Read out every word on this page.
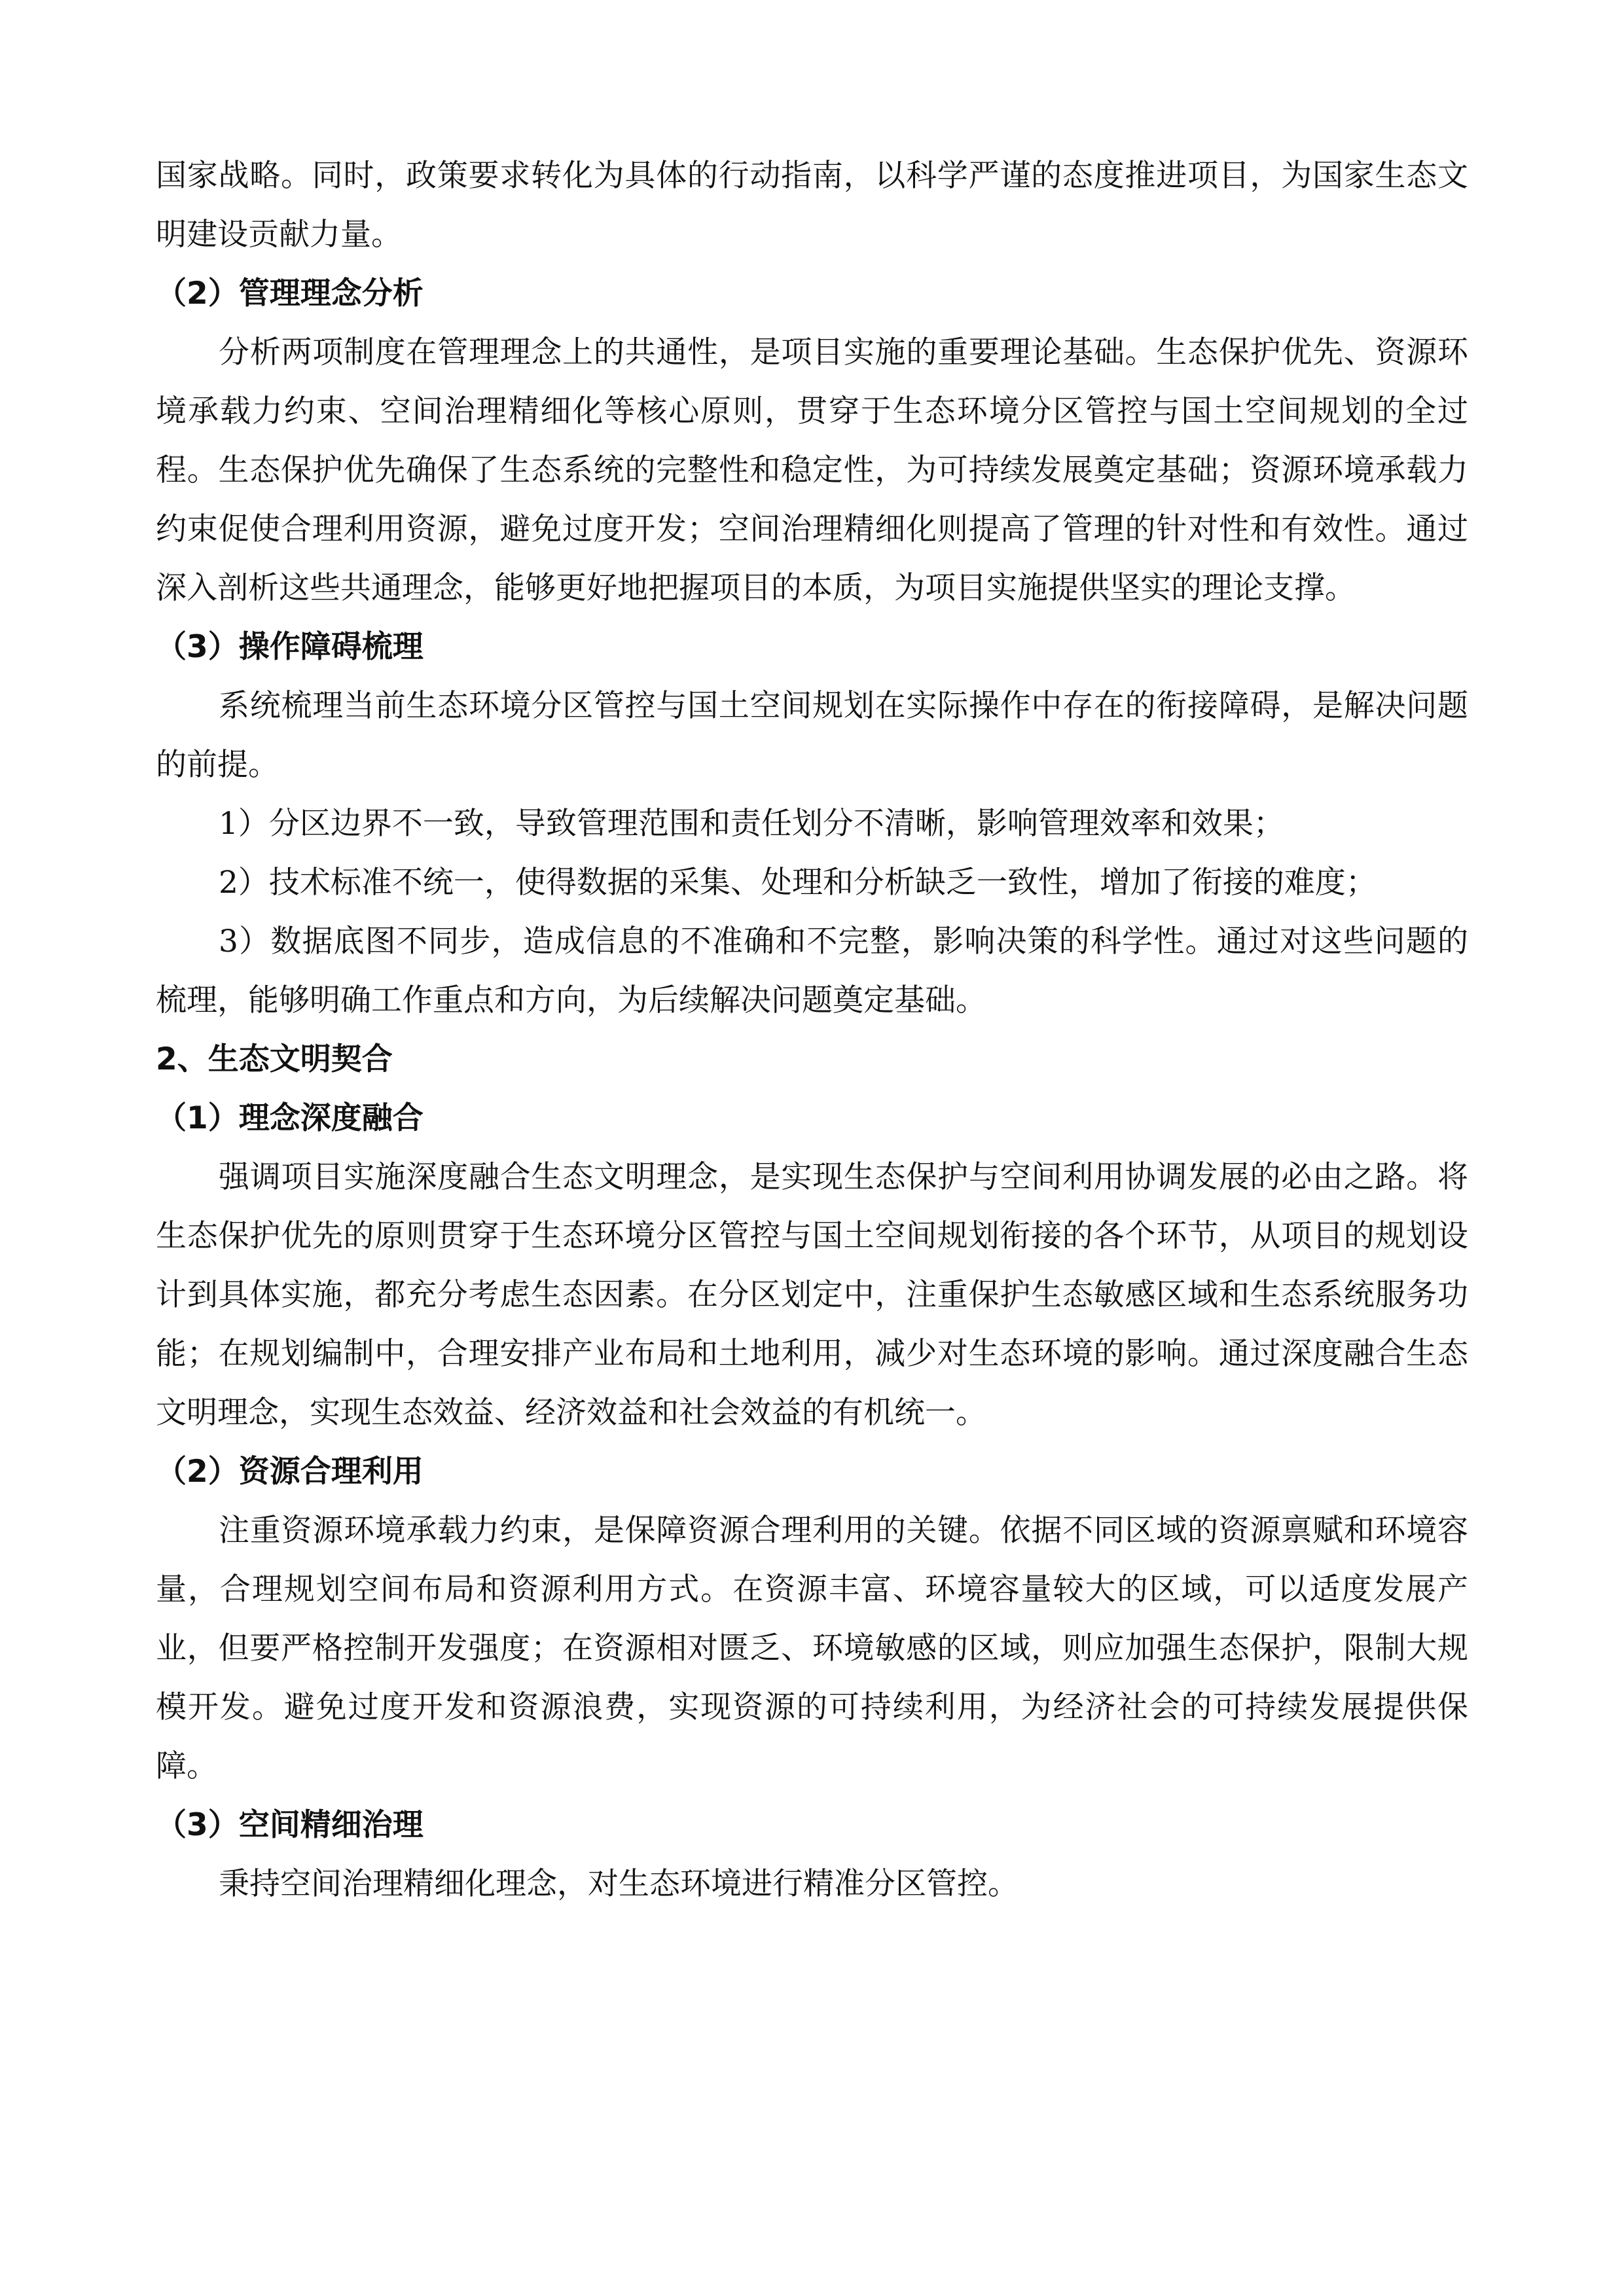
国家战略。同时，政策要求转化为具体的行动指南，以科学严谨的态度推进项目，为国家生态文明建设贡献力量。

（2）管理理念分析

分析两项制度在管理理念上的共通性，是项目实施的重要理论基础。生态保护优先、资源环境承载力约束、空间治理精细化等核心原则，贯穿于生态环境分区管控与国土空间规划的全过程。生态保护优先确保了生态系统的完整性和稳定性，为可持续发展奠定基础；资源环境承载力约束促使合理利用资源，避免过度开发；空间治理精细化则提高了管理的针对性和有效性。通过深入剖析这些共通理念，能够更好地把握项目的本质，为项目实施提供坚实的理论支撑。

（3）操作障碍梳理

系统梳理当前生态环境分区管控与国土空间规划在实际操作中存在的衔接障碍，是解决问题的前提。

1）分区边界不一致，导致管理范围和责任划分不清晰，影响管理效率和效果；

2）技术标准不统一，使得数据的采集、处理和分析缺乏一致性，增加了衔接的难度；

3）数据底图不同步，造成信息的不准确和不完整，影响决策的科学性。通过对这些问题的梳理，能够明确工作重点和方向，为后续解决问题奠定基础。

2、生态文明契合

（1）理念深度融合

强调项目实施深度融合生态文明理念，是实现生态保护与空间利用协调发展的必由之路。将生态保护优先的原则贯穿于生态环境分区管控与国土空间规划衔接的各个环节，从项目的规划设计到具体实施，都充分考虑生态因素。在分区划定中，注重保护生态敏感区域和生态系统服务功能；在规划编制中，合理安排产业布局和土地利用，减少对生态环境的影响。通过深度融合生态文明理念，实现生态效益、经济效益和社会效益的有机统一。

（2）资源合理利用

注重资源环境承载力约束，是保障资源合理利用的关键。依据不同区域的资源禀赋和环境容量，合理规划空间布局和资源利用方式。在资源丰富、环境容量较大的区域，可以适度发展产业，但要严格控制开发强度；在资源相对匮乏、环境敏感的区域，则应加强生态保护，限制大规模开发。避免过度开发和资源浪费，实现资源的可持续利用，为经济社会的可持续发展提供保障。

（3）空间精细治理

秉持空间治理精细化理念，对生态环境进行精准分区管控。
